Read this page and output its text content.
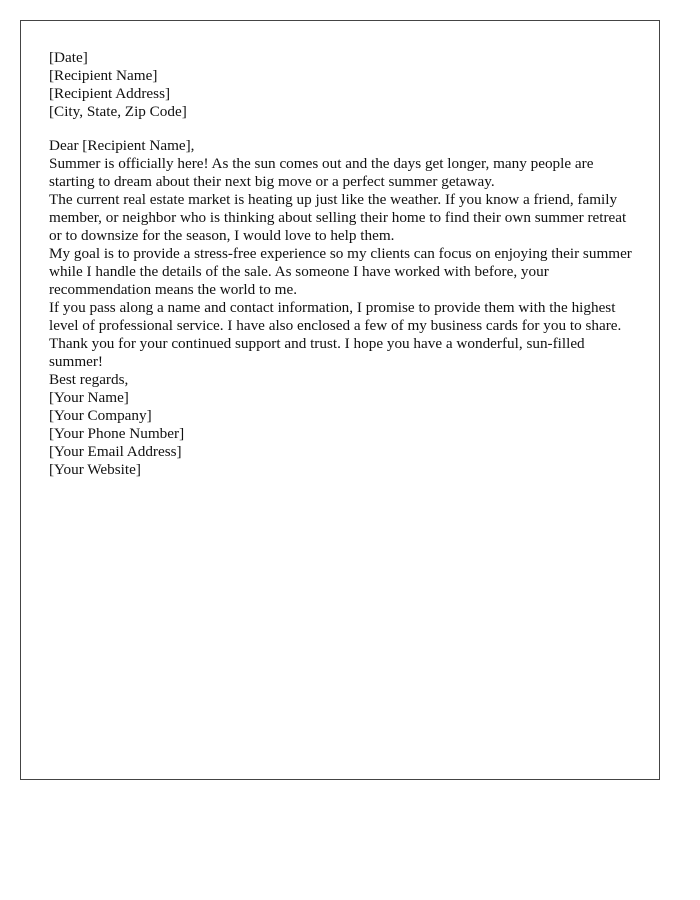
[Date]

[Recipient Name]
[Recipient Address]
[City, State, Zip Code]

Dear [Recipient Name],

Summer is officially here! As the sun comes out and the days get longer, many people are starting to dream about their next big move or a perfect summer getaway.

The current real estate market is heating up just like the weather. If you know a friend, family member, or neighbor who is thinking about selling their home to find their own summer retreat or to downsize for the season, I would love to help them.

My goal is to provide a stress-free experience so my clients can focus on enjoying their summer while I handle the details of the sale. As someone I have worked with before, your recommendation means the world to me.

If you pass along a name and contact information, I promise to provide them with the highest level of professional service. I have also enclosed a few of my business cards for you to share.

Thank you for your continued support and trust. I hope you have a wonderful, sun-filled summer!

Best regards,

[Your Name]
[Your Company]
[Your Phone Number]
[Your Email Address]
[Your Website]
